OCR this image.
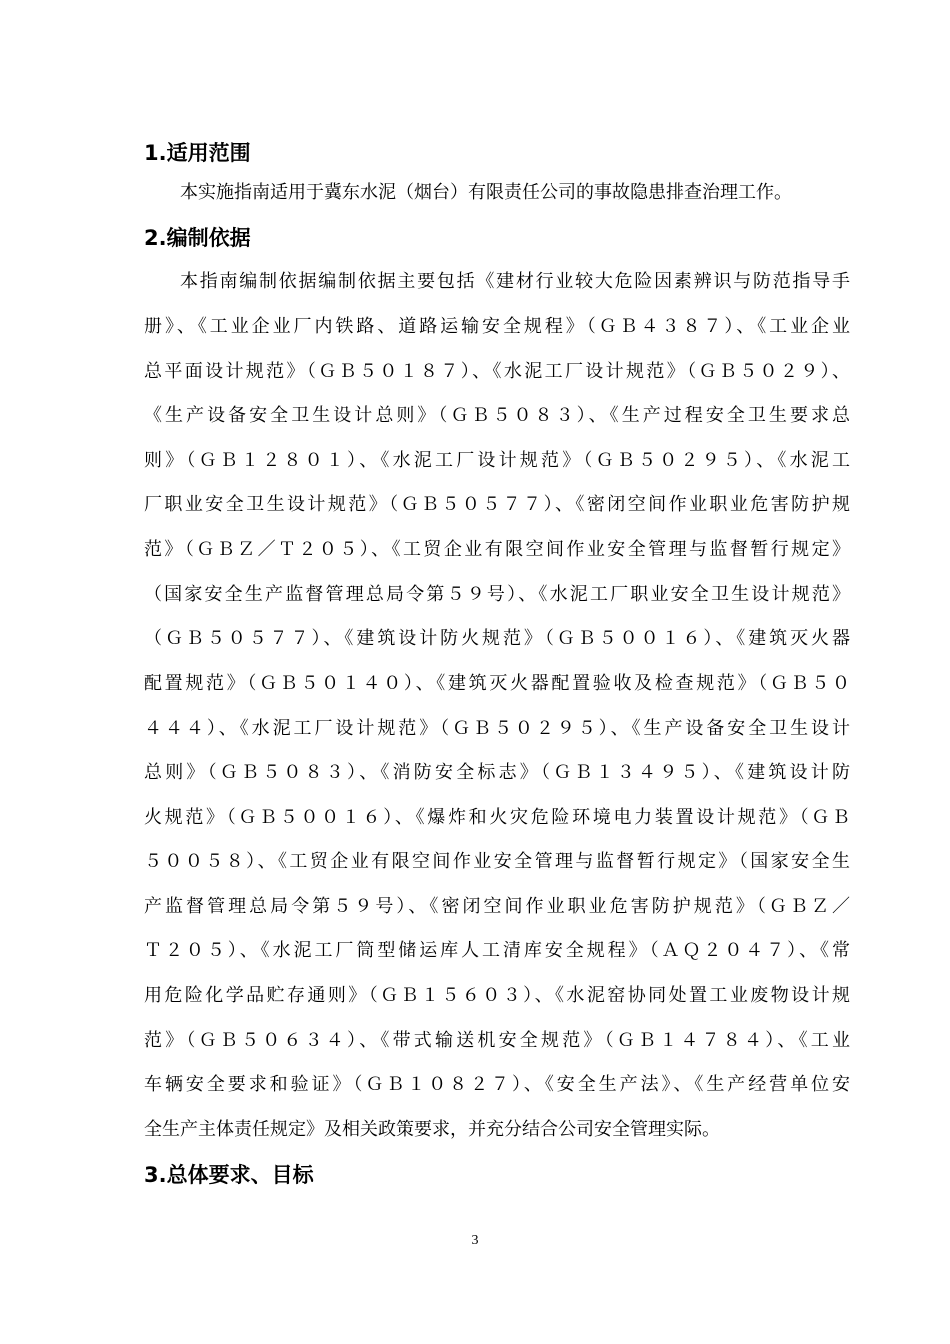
1.适用范围

本实施指南适用于冀东水泥（烟台）有限责任公司的事故隐患排查治理工作。

2.编制依据

本指南编制依据编制依据主要包括《建材行业较大危险因素辨识与防范指导手

册》、《工业企业厂内铁路、道路运输安全规程》（ＧＢ４３８７）、《工业企业

总平面设计规范》（ＧＢ５０１８７）、《水泥工厂设计规范》（ＧＢ５０２９）、

《生产设备安全卫生设计总则》（ＧＢ５０８３）、《生产过程安全卫生要求总

则》（ＧＢ１２８０１）、《水泥工厂设计规范》（ＧＢ５０２９５）、《水泥工

厂职业安全卫生设计规范》（ＧＢ５０５７７）、《密闭空间作业职业危害防护规

范》（ＧＢＺ／Ｔ２０５）、《工贸企业有限空间作业安全管理与监督暂行规定》

（国家安全生产监督管理总局令第５９号）、《水泥工厂职业安全卫生设计规范》

（ＧＢ５０５７７）、《建筑设计防火规范》（ＧＢ５００１６）、《建筑灭火器

配置规范》（ＧＢ５０１４０）、《建筑灭火器配置验收及检查规范》（ＧＢ５０

４４４）、《水泥工厂设计规范》（ＧＢ５０２９５）、《生产设备安全卫生设计

总则》（ＧＢ５０８３）、《消防安全标志》（ＧＢ１３４９５）、《建筑设计防

火规范》（ＧＢ５００１６）、《爆炸和火灾危险环境电力装置设计规范》（ＧＢ

５００５８）、《工贸企业有限空间作业安全管理与监督暂行规定》（国家安全生

产监督管理总局令第５９号）、《密闭空间作业职业危害防护规范》（ＧＢＺ／

Ｔ２０５）、《水泥工厂筒型储运库人工清库安全规程》（ＡＱ２０４７）、《常

用危险化学品贮存通则》（ＧＢ１５６０３）、《水泥窑协同处置工业废物设计规

范》（ＧＢ５０６３４）、《带式输送机安全规范》（ＧＢ１４７８４）、《工业

车辆安全要求和验证》（ＧＢ１０８２７）、《安全生产法》、《生产经营单位安

全生产主体责任规定》及相关政策要求，并充分结合公司安全管理实际。

3.总体要求、目标

3
